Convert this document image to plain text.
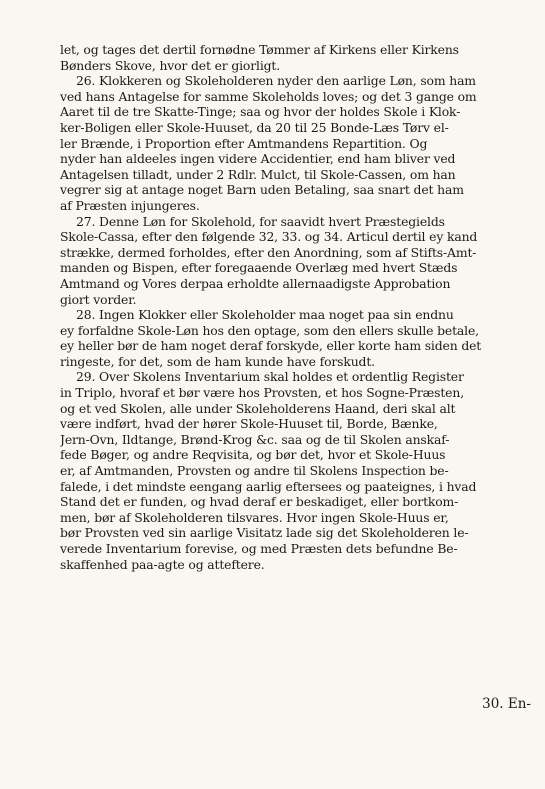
let, og tages det dertil fornødne Tømmer af Kirkens eller Kirkens
Bønders Skove, hvor det er giorligt.
26. Klokkeren og Skoleholderen nyder den aarlige Løn, som ham
ved hans Antagelse for samme Skoleholds loves; og det 3 gange om
Aaret til de tre Skatte-Tinge; saa og hvor der holdes Skole i Klok-
ker-Boligen eller Skole-Huuset, da 20 til 25 Bonde-Læs Tørv el-
ler Brænde, i Proportion efter Amtmandens Repartition. Og
nyder han aldeeles ingen videre Accidentier, end ham bliver ved
Antagelsen tilladt, under 2 Rdlr. Mulct, til Skole-Cassen, om han
vegrer sig at antage noget Barn uden Betaling, saa snart det ham
af Præsten injungeres.
27. Denne Løn for Skolehold, for saavidt hvert Præstegields
Skole-Cassa, efter den følgende 32, 33. og 34. Articul dertil ey kand
strække, dermed forholdes, efter den Anordning, som af Stifts-Amt-
manden og Bispen, efter foregaaende Overlæg med hvert Stæds
Amtmand og Vores derpaa erholdte allernaadigste Approbation
giort vorder.
28. Ingen Klokker eller Skoleholder maa noget paa sin endnu
ey forfaldne Skole-Løn hos den optage, som den ellers skulle betale,
ey heller bør de ham noget deraf forskyde, eller korte ham siden det
ringeste, for det, som de ham kunde have forskudt.
29. Over Skolens Inventarium skal holdes et ordentlig Register
in Triplo, hvoraf et bør være hos Provsten, et hos Sogne-Præsten,
og et ved Skolen, alle under Skoleholderens Haand, deri skal alt
være indført, hvad der hører Skole-Huuset til, Borde, Bænke,
Jern-Ovn, Ildtange, Brønd-Krog &c. saa og de til Skolen anskaf-
fede Bøger, og andre Reqvisita, og bør det, hvor et Skole-Huus
er, af Amtmanden, Provsten og andre til Skolens Inspection be-
falede, i det mindste eengang aarlig eftersees og paateignes, i hvad
Stand det er funden, og hvad deraf er beskadiget, eller bortkom-
men, bør af Skoleholderen tilsvares. Hvor ingen Skole-Huus er,
bør Provsten ved sin aarlige Visitatz lade sig det Skoleholderen le-
verede Inventarium forevise, og med Præsten dets befundne Be-
skaffenhed paa-agte og atteftere.
30. En-
